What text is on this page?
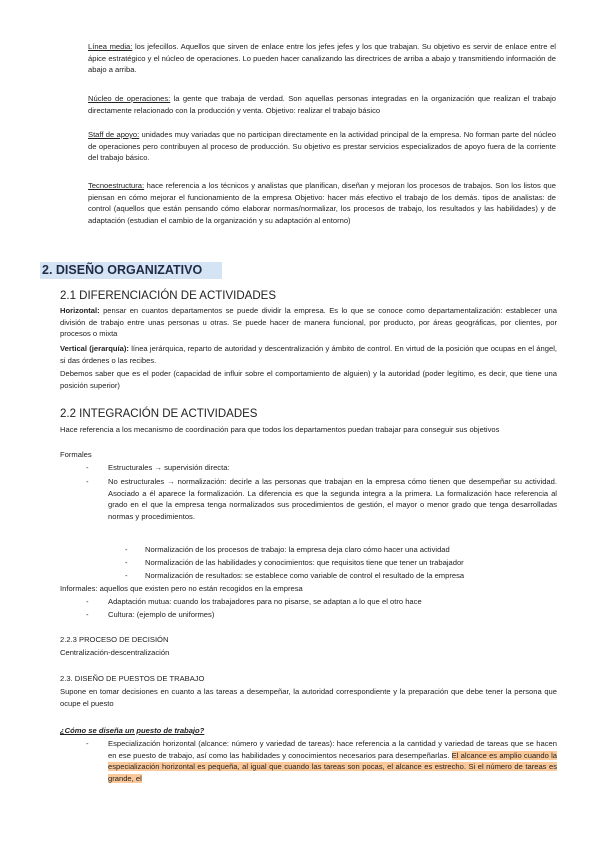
Línea media: los jefecillos. Aquellos que sirven de enlace entre los jefes jefes y los que trabajan. Su objetivo es servir de enlace entre el ápice estratégico y el núcleo de operaciones. Lo pueden hacer canalizando las directrices de arriba a abajo y transmitiendo información de abajo a arriba.
Núcleo de operaciones: la gente que trabaja de verdad. Son aquellas personas integradas en la organización que realizan el trabajo directamente relacionado con la producción y venta. Objetivo: realizar el trabajo básico
Staff de apoyo: unidades muy variadas que no participan directamente en la actividad principal de la empresa. No forman parte del núcleo de operaciones pero contribuyen al proceso de producción. Su objetivo es prestar servicios especializados de apoyo fuera de la corriente del trabajo básico.
Tecnoestructura: hace referencia a los técnicos y analistas que planifican, diseñan y mejoran los procesos de trabajos. Son los listos que piensan en cómo mejorar el funcionamiento de la empresa Objetivo: hacer más efectivo el trabajo de los demás. tipos de analistas: de control (aquellos que están pensando cómo elaborar normas/normalizar, los procesos de trabajo, los resultados y las habilidades) y de adaptación (estudian el cambio de la organización y su adaptación al entorno)
2. DISEÑO ORGANIZATIVO
2.1 DIFERENCIACIÓN DE ACTIVIDADES
Horizontal: pensar en cuantos departamentos se puede dividir la empresa. Es lo que se conoce como departamentalización: establecer una división de trabajo entre unas personas u otras. Se puede hacer de manera funcional, por producto, por áreas geográficas, por clientes, por procesos o mixta
Vertical (jerarquía): línea jerárquica, reparto de autoridad y descentralización y ámbito de control. En virtud de la posición que ocupas en el ángel, si das órdenes o las recibes.
Debemos saber que es el poder (capacidad de influir sobre el comportamiento de alguien) y la autoridad (poder legítimo, es decir, que tiene una posición superior)
2.2 INTEGRACIÓN DE ACTIVIDADES
Hace referencia a los mecanismo de coordinación para que todos los departamentos puedan trabajar para conseguir sus objetivos
Formales
-	Estructurales → supervisión directa:
-	No estructurales → normalización: decirle a las personas que trabajan en la empresa cómo tienen que desempeñar su actividad. Asociado a él aparece la formalización. La diferencia es que la segunda integra a la primera. La formalización hace referencia al grado en el que la empresa tenga normalizados sus procedimientos de gestión, el mayor o menor grado que tenga desarrolladas normas y procedimientos.
- Normalización de los procesos de trabajo: la empresa deja claro cómo hacer una actividad
- Normalización de las habilidades y conocimientos: que requisitos tiene que tener un trabajador
- Normalización de resultados: se establece como variable de control el resultado de la empresa
Informales: aquellos que existen pero no están recogidos en la empresa
-	Adaptación mutua: cuando los trabajadores para no pisarse, se adaptan a lo que el otro hace
-	Cultura: (ejemplo de uniformes)
2.2.3 PROCESO DE DECISIÓN
Centralización-descentralización
2.3. DISEÑO DE PUESTOS DE TRABAJO
Supone en tomar decisiones en cuanto a las tareas a desempeñar, la autoridad correspondiente y la preparación que debe tener la persona que ocupe el puesto
¿Cómo se diseña un puesto de trabajo?
-	Especialización horizontal (alcance: número y variedad de tareas): hace referencia a la cantidad y variedad de tareas que se hacen en ese puesto de trabajo, así como las habilidades y conocimientos necesarios para desempeñarlas. El alcance es amplio cuando la especialización horizontal es pequeña, al igual que cuando las tareas son pocas, el alcance es estrecho. Si el número de tareas es grande, el
